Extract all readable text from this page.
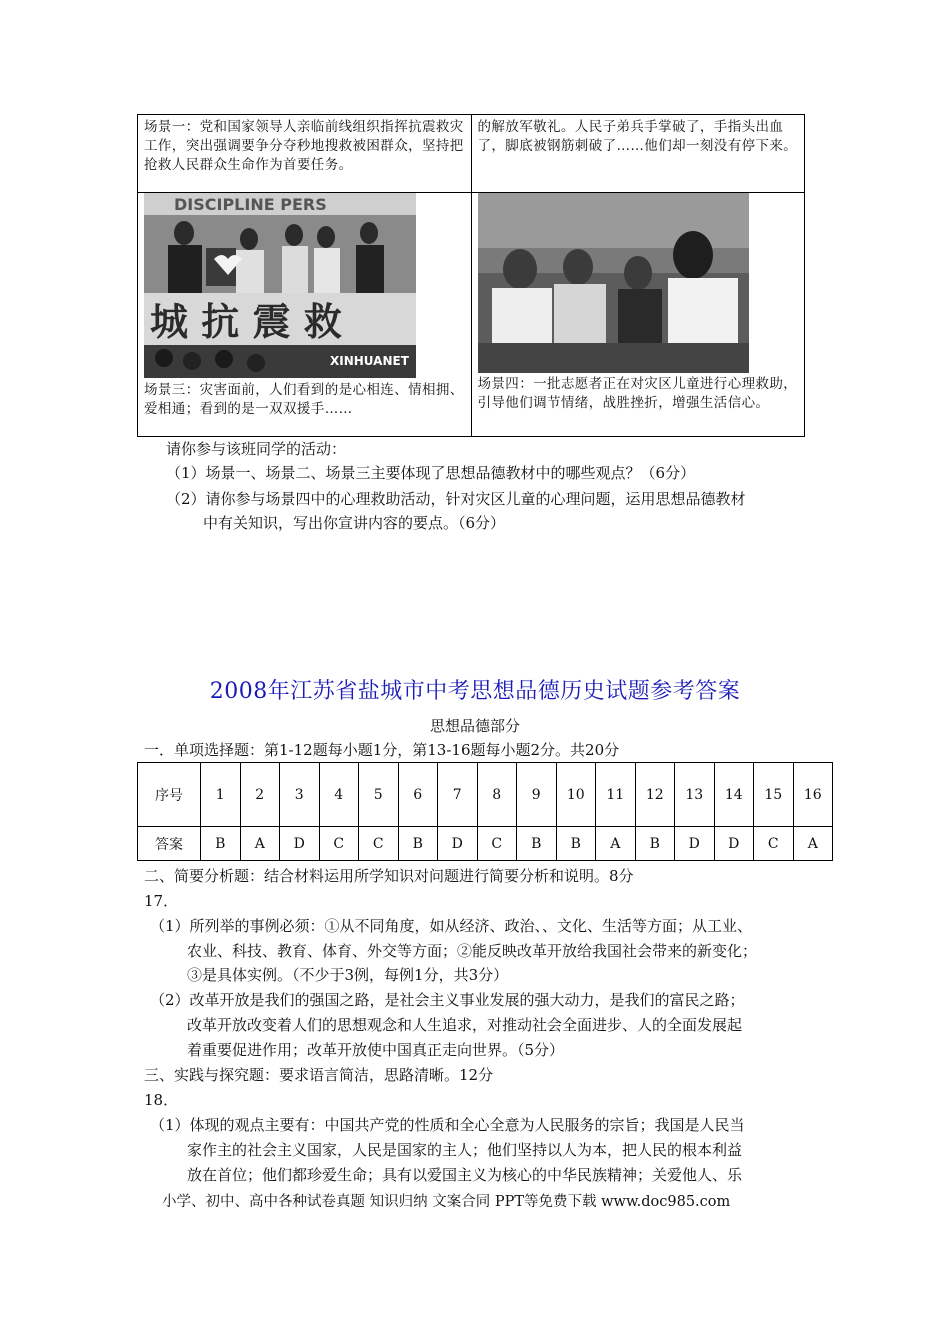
场景一：党和国家领导人亲临前线组织指挥抗震救灾工作，突出强调要争分夺秒地搜救被困群众，坚持把抢救人民群众生命作为首要任务。	的解放军敬礼。人民子弟兵手掌破了，手指头出血了，脚底被钢筋刺破了……他们却一刻没有停下来。

DISCIPLINE PERS
城 抗 震 救
XINHUANET
场景三：灾害面前，人们看到的是心相连、情相拥、爱相通；看到的是一双双援手……	场景四：一批志愿者正在对灾区儿童进行心理救助，引导他们调节情绪，战胜挫折，增强生活信心。
请你参与该班同学的活动：
（1）场景一、场景二、场景三主要体现了思想品德教材中的哪些观点？（6分）
（2）请你参与场景四中的心理救助活动，针对灾区儿童的心理问题，运用思想品德教材
中有关知识，写出你宣讲内容的要点。（6分）
2008年江苏省盐城市中考思想品德历史试题参考答案
思想品德部分
一．单项选择题：第1-12题每小题1分，第13-16题每小题2分。共20分
序号	1	2	3	4	5	6	7	8	9	10	11	12	13	14	15	16
答案	B	A	D	C	C	B	D	C	B	B	A	B	D	D	C	A
二、简要分析题：结合材料运用所学知识对问题进行简要分析和说明。8分
17．
（1）所列举的事例必须：①从不同角度，如从经济、政治、、文化、生活等方面；从工业、
农业、科技、教育、体育、外交等方面；②能反映改革开放给我国社会带来的新变化；
③是具体实例。（不少于3例，每例1分，共3分）
（2）改革开放是我们的强国之路，是社会主义事业发展的强大动力，是我们的富民之路；
改革开放改变着人们的思想观念和人生追求，对推动社会全面进步、人的全面发展起
着重要促进作用；改革开放使中国真正走向世界。（5分）
三、实践与探究题：要求语言简洁，思路清晰。12分
18．
（1）体现的观点主要有：中国共产党的性质和全心全意为人民服务的宗旨；我国是人民当
家作主的社会主义国家，人民是国家的主人；他们坚持以人为本，把人民的根本利益
放在首位；他们都珍爱生命；具有以爱国主义为核心的中华民族精神；关爱他人、乐
小学、初中、高中各种试卷真题 知识归纳 文案合同 PPT等免费下载 www.doc985.com
